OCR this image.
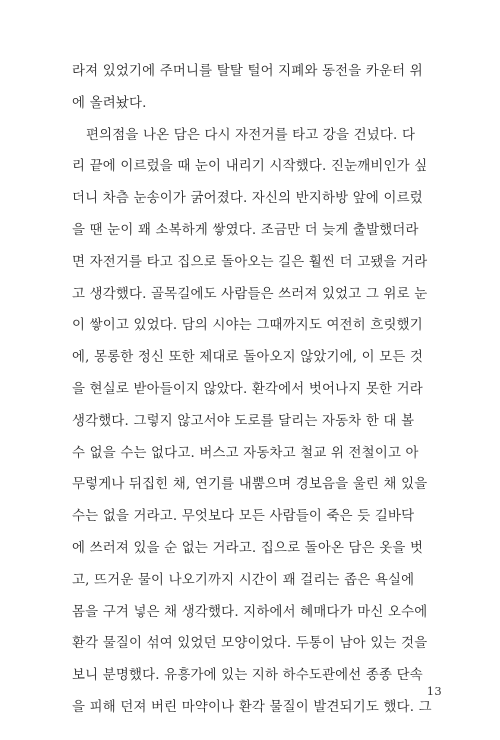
라져 있었기에 주머니를 탈탈 털어 지폐와 동전을 카운터 위
에 올려놨다.
편의점을 나온 담은 다시 자전거를 타고 강을 건넜다. 다
리 끝에 이르렀을 때 눈이 내리기 시작했다. 진눈깨비인가 싶
더니 차츰 눈송이가 굵어졌다. 자신의 반지하방 앞에 이르렀
을 땐 눈이 꽤 소복하게 쌓였다. 조금만 더 늦게 출발했더라
면 자전거를 타고 집으로 돌아오는 길은 훨씬 더 고됐을 거라
고 생각했다. 골목길에도 사람들은 쓰러져 있었고 그 위로 눈
이 쌓이고 있었다. 담의 시야는 그때까지도 여전히 흐릿했기
에, 몽롱한 정신 또한 제대로 돌아오지 않았기에, 이 모든 것
을 현실로 받아들이지 않았다. 환각에서 벗어나지 못한 거라
생각했다. 그렇지 않고서야 도로를 달리는 자동차 한 대 볼
수 없을 수는 없다고. 버스고 자동차고 철교 위 전철이고 아
무렇게나 뒤집힌 채, 연기를 내뿜으며 경보음을 울린 채 있을
수는 없을 거라고. 무엇보다 모든 사람들이 죽은 듯 길바닥
에 쓰러져 있을 순 없는 거라고. 집으로 돌아온 담은 옷을 벗
고, 뜨거운 물이 나오기까지 시간이 꽤 걸리는 좁은 욕실에
몸을 구겨 넣은 채 생각했다. 지하에서 혜매다가 마신 오수에
환각 물질이 섞여 있었던 모양이었다. 두통이 남아 있는 것을
보니 분명했다. 유흥가에 있는 지하 하수도관에선 종종 단속
을 피해 던져 버린 마약이나 환각 물질이 발견되기도 했다. 그
13
